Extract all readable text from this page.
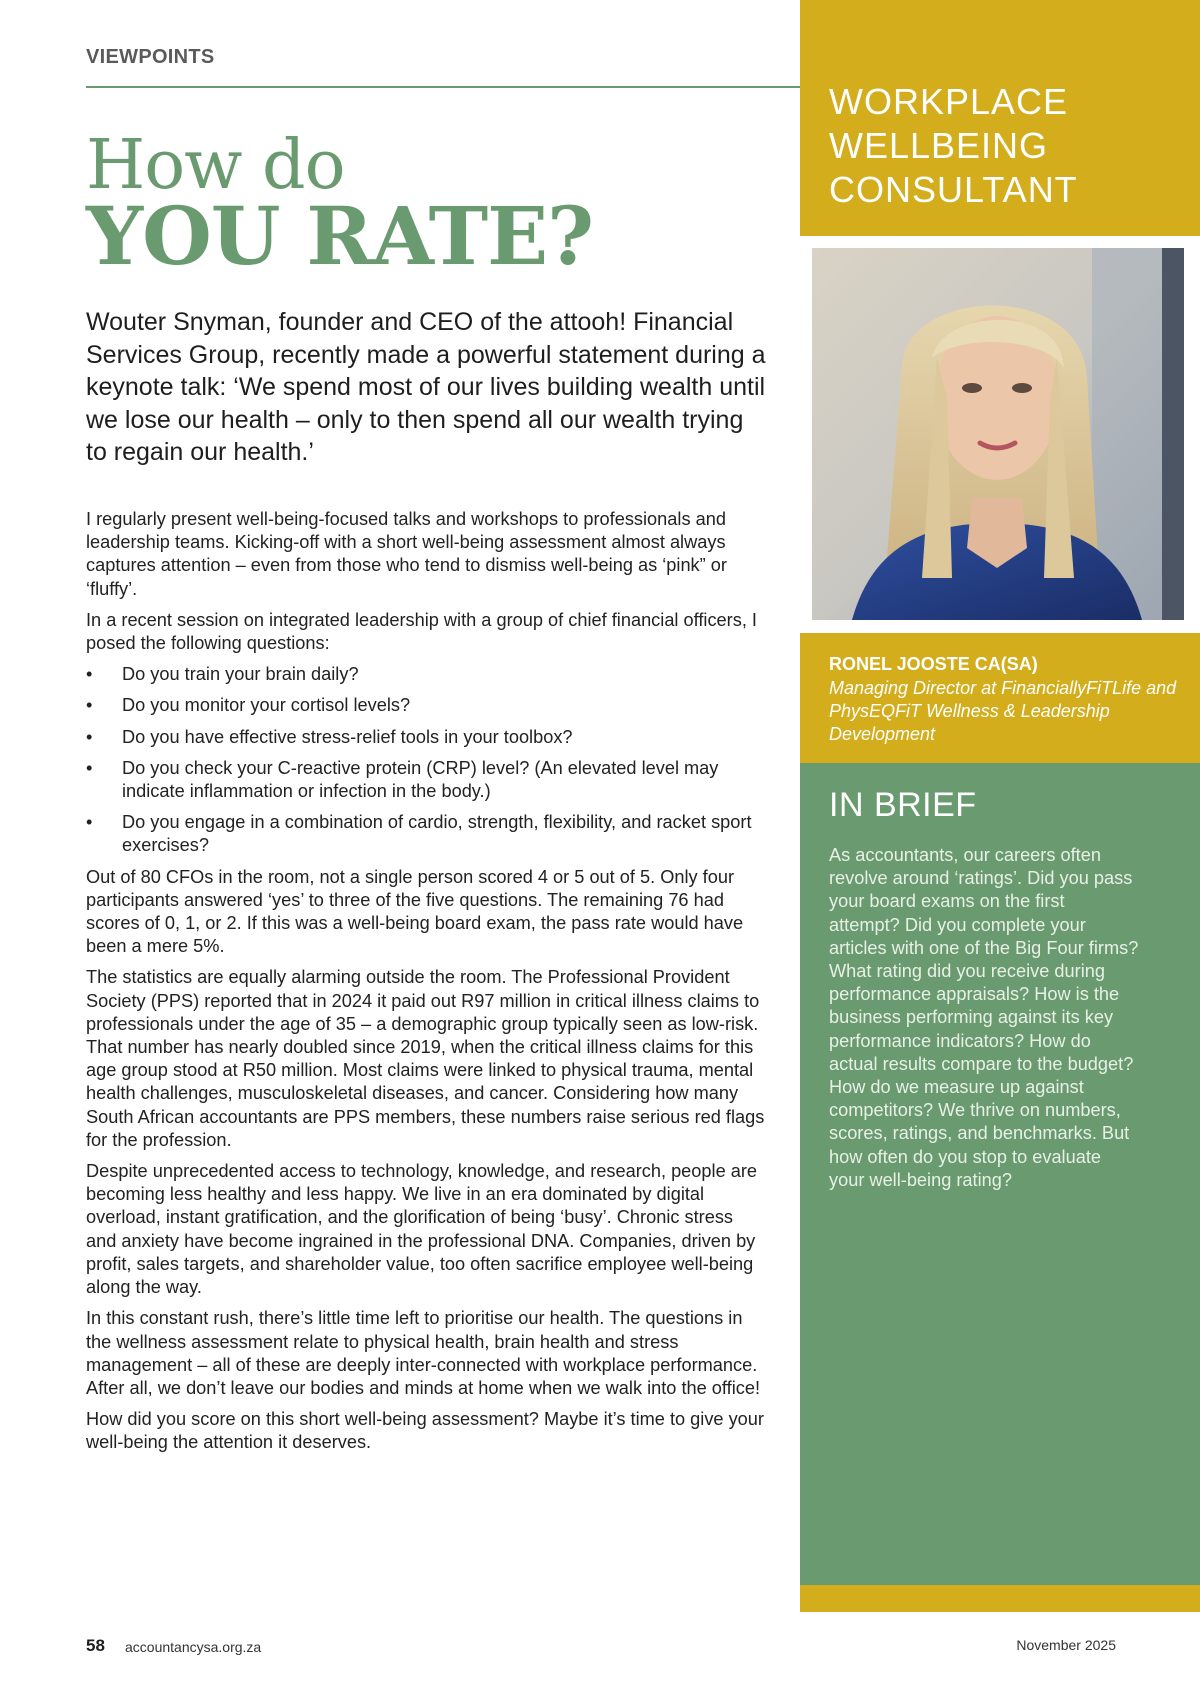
VIEWPOINTS
How do
YOU RATE?
Wouter Snyman, founder and CEO of the attooh! Financial Services Group, recently made a powerful statement during a keynote talk: ‘We spend most of our lives building wealth until we lose our health – only to then spend all our wealth trying to regain our health.’

I regularly present well-being-focused talks and workshops to professionals and leadership teams. Kicking-off with a short well-being assessment almost always captures attention – even from those who tend to dismiss well-being as ‘pink” or ‘fluffy’.

In a recent session on integrated leadership with a group of chief financial officers, I posed the following questions:

• Do you train your brain daily?
• Do you monitor your cortisol levels?
• Do you have effective stress-relief tools in your toolbox?
• Do you check your C-reactive protein (CRP) level? (An elevated level may indicate inflammation or infection in the body.)
• Do you engage in a combination of cardio, strength, flexibility, and racket sport exercises?

Out of 80 CFOs in the room, not a single person scored 4 or 5 out of 5. Only four participants answered ‘yes’ to three of the five questions. The remaining 76 had scores of 0, 1, or 2. If this was a well-being board exam, the pass rate would have been a mere 5%.

The statistics are equally alarming outside the room. The Professional Provident Society (PPS) reported that in 2024 it paid out R97 million in critical illness claims to professionals under the age of 35 – a demographic group typically seen as low-risk. That number has nearly doubled since 2019, when the critical illness claims for this age group stood at R50 million. Most claims were linked to physical trauma, mental health challenges, musculoskeletal diseases, and cancer. Considering how many South African accountants are PPS members, these numbers raise serious red flags for the profession.

Despite unprecedented access to technology, knowledge, and research, people are becoming less healthy and less happy. We live in an era dominated by digital overload, instant gratification, and the glorification of being ‘busy’. Chronic stress and anxiety have become ingrained in the professional DNA. Companies, driven by profit, sales targets, and shareholder value, too often sacrifice employee well-being along the way.

In this constant rush, there’s little time left to prioritise our health. The questions in the wellness assessment relate to physical health, brain health and stress management – all of these are deeply inter-connected with workplace performance. After all, we don’t leave our bodies and minds at home when we walk into the office!

How did you score on this short well-being assessment? Maybe it’s time to give your well-being the attention it deserves.

WORKPLACE
WELLBEING
CONSULTANT
RONEL JOOSTE CA(SA)
Managing Director at FinanciallyFiTLife and PhysEQFiT Wellness & Leadership Development
IN BRIEF
As accountants, our careers often revolve around ‘ratings’. Did you pass your board exams on the first attempt? Did you complete your articles with one of the Big Four firms? What rating did you receive during performance appraisals? How is the business performing against its key performance indicators? How do actual results compare to the budget? How do we measure up against competitors? We thrive on numbers, scores, ratings, and benchmarks. But how often do you stop to evaluate your well-being rating?
58 accountancysa.org.za	November 2025
